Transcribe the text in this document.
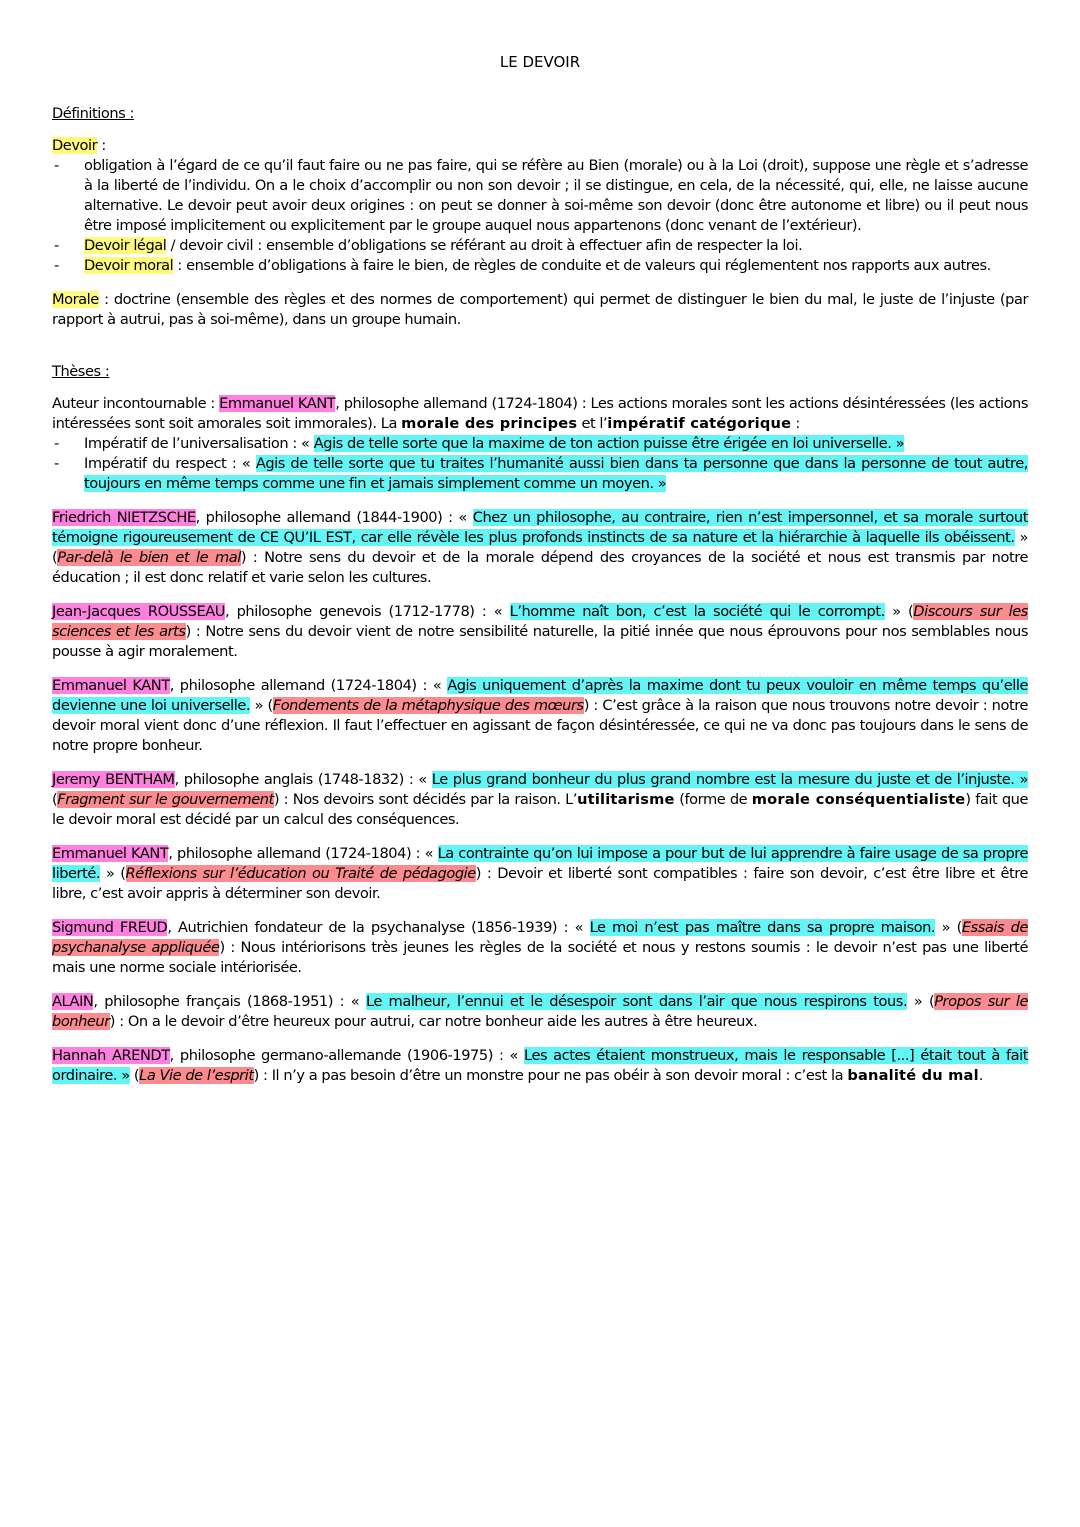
LE DEVOIR
Définitions :
Devoir :
- obligation à l’égard de ce qu’il faut faire ou ne pas faire, qui se réfère au Bien (morale) ou à la Loi (droit), suppose une règle et s’adresse à la liberté de l’individu. On a le choix d’accomplir ou non son devoir ; il se distingue, en cela, de la nécessité, qui, elle, ne laisse aucune alternative. Le devoir peut avoir deux origines : on peut se donner à soi-même son devoir (donc être autonome et libre) ou il peut nous être imposé implicitement ou explicitement par le groupe auquel nous appartenons (donc venant de l’extérieur).
- Devoir légal / devoir civil : ensemble d’obligations se référant au droit à effectuer afin de respecter la loi.
- Devoir moral : ensemble d’obligations à faire le bien, de règles de conduite et de valeurs qui réglementent nos rapports aux autres.

Morale : doctrine (ensemble des règles et des normes de comportement) qui permet de distinguer le bien du mal, le juste de l’injuste (par rapport à autrui, pas à soi-même), dans un groupe humain.

Thèses :

Auteur incontournable : Emmanuel KANT, philosophe allemand (1724-1804) : Les actions morales sont les actions désintéressées (les actions intéressées sont soit amorales soit immorales). La morale des principes et l’impératif catégorique :

- Impératif de l’universalisation : « Agis de telle sorte que la maxime de ton action puisse être érigée en loi universelle. »
- Impératif du respect : « Agis de telle sorte que tu traites l’humanité aussi bien dans ta personne que dans la personne de tout autre, toujours en même temps comme une fin et jamais simplement comme un moyen. »

Friedrich NIETZSCHE, philosophe allemand (1844-1900) : « Chez un philosophe, au contraire, rien n’est impersonnel, et sa morale surtout témoigne rigoureusement de CE QU’IL EST, car elle révèle les plus profonds instincts de sa nature et la hiérarchie à laquelle ils obéissent. » (Par-delà le bien et le mal) : Notre sens du devoir et de la morale dépend des croyances de la société et nous est transmis par notre éducation ; il est donc relatif et varie selon les cultures.

Jean-Jacques ROUSSEAU, philosophe genevois (1712-1778) : « L’homme naît bon, c’est la société qui le corrompt. » (Discours sur les sciences et les arts) : Notre sens du devoir vient de notre sensibilité naturelle, la pitié innée que nous éprouvons pour nos semblables nous pousse à agir moralement.

Emmanuel KANT, philosophe allemand (1724-1804) : « Agis uniquement d’après la maxime dont tu peux vouloir en même temps qu’elle devienne une loi universelle. » (Fondements de la métaphysique des mœurs) : C’est grâce à la raison que nous trouvons notre devoir : notre devoir moral vient donc d’une réflexion. Il faut l’effectuer en agissant de façon désintéressée, ce qui ne va donc pas toujours dans le sens de notre propre bonheur.

Jeremy BENTHAM, philosophe anglais (1748-1832) : « Le plus grand bonheur du plus grand nombre est la mesure du juste et de l’injuste. » (Fragment sur le gouvernement) : Nos devoirs sont décidés par la raison. L’utilitarisme (forme de morale conséquentialiste) fait que le devoir moral est décidé par un calcul des conséquences.

Emmanuel KANT, philosophe allemand (1724-1804) : « La contrainte qu’on lui impose a pour but de lui apprendre à faire usage de sa propre liberté. » (Réflexions sur l’éducation ou Traité de pédagogie) : Devoir et liberté sont compatibles : faire son devoir, c’est être libre et être libre, c’est avoir appris à déterminer son devoir.

Sigmund FREUD, Autrichien fondateur de la psychanalyse (1856-1939) : « Le moi n’est pas maître dans sa propre maison. » (Essais de psychanalyse appliquée) : Nous intériorisons très jeunes les règles de la société et nous y restons soumis : le devoir n’est pas une liberté mais une norme sociale intériorisée.

ALAIN, philosophe français (1868-1951) : « Le malheur, l’ennui et le désespoir sont dans l’air que nous respirons tous. » (Propos sur le bonheur) : On a le devoir d’être heureux pour autrui, car notre bonheur aide les autres à être heureux.

Hannah ARENDT, philosophe germano-allemande (1906-1975) : « Les actes étaient monstrueux, mais le responsable [...] était tout à fait ordinaire. » (La Vie de l’esprit) : Il n’y a pas besoin d’être un monstre pour ne pas obéir à son devoir moral : c’est la banalité du mal.
